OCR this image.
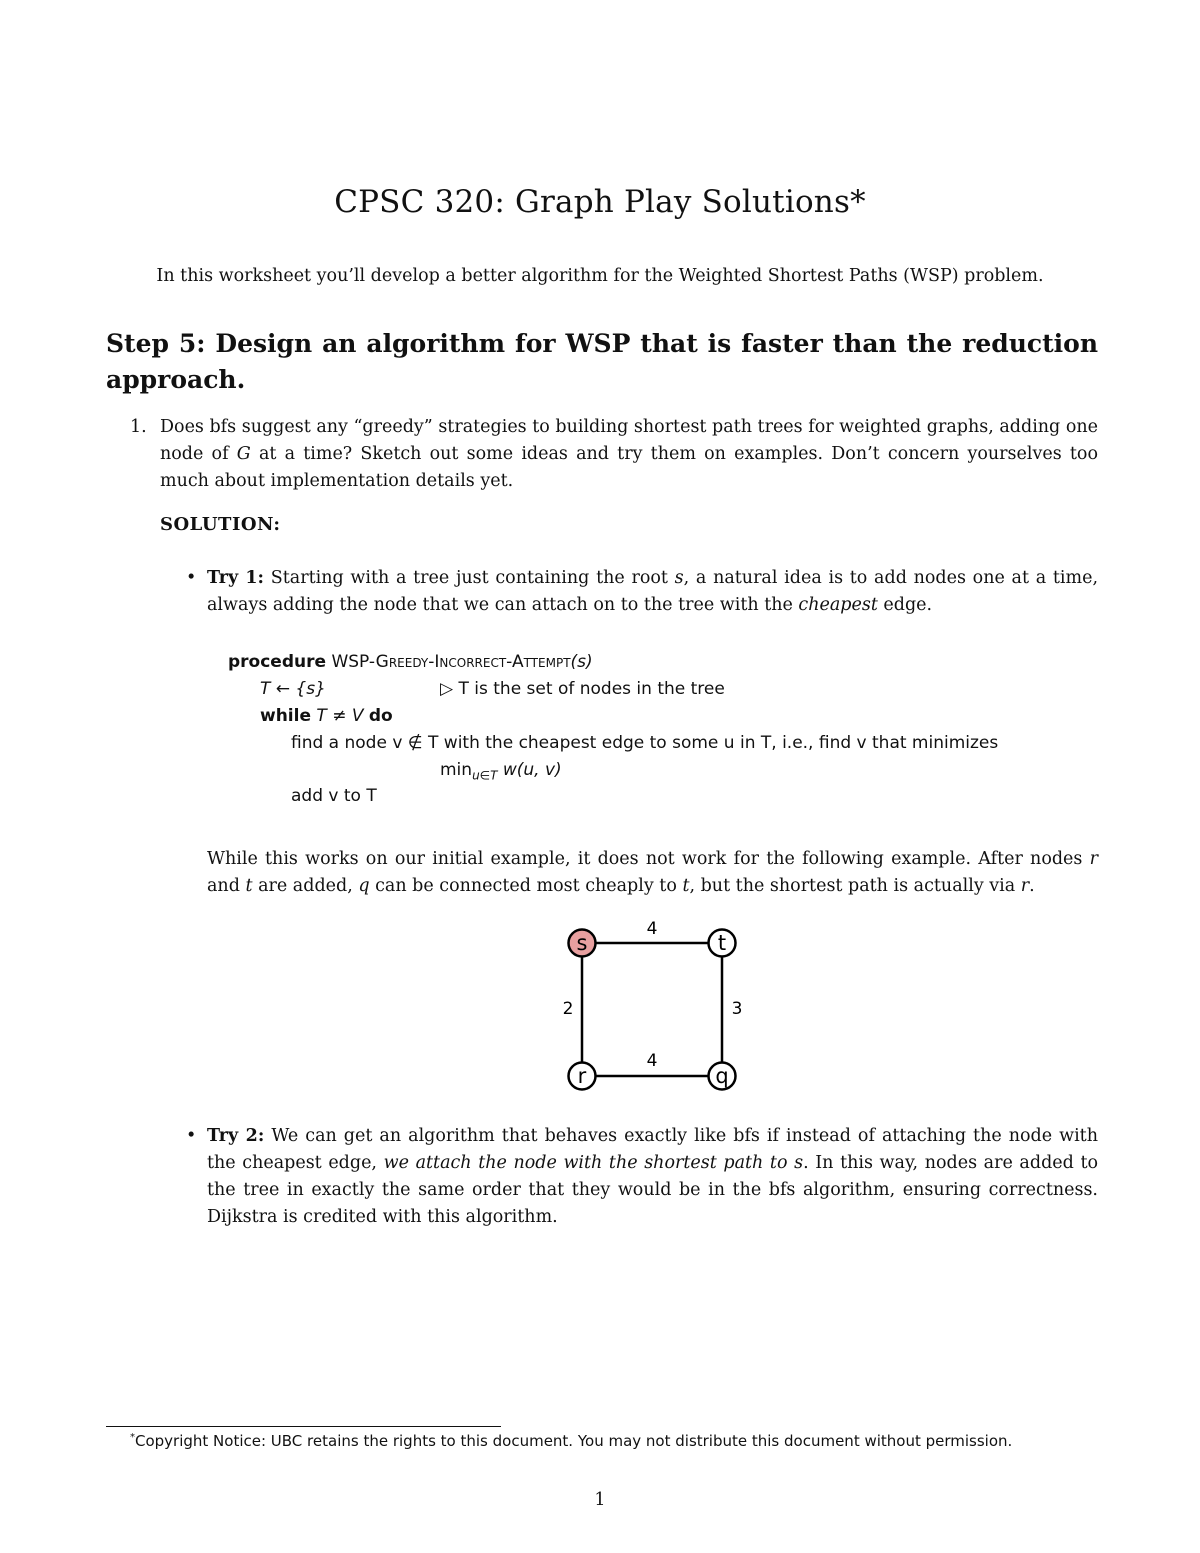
CPSC 320: Graph Play Solutions*
In this worksheet you’ll develop a better algorithm for the Weighted Shortest Paths (WSP) problem.
Step 5: Design an algorithm for WSP that is faster than the reduction approach.
1. Does bfs suggest any “greedy” strategies to building shortest path trees for weighted graphs, adding one node of G at a time? Sketch out some ideas and try them on examples. Don’t concern yourselves too much about implementation details yet.
SOLUTION:
• Try 1: Starting with a tree just containing the root s, a natural idea is to add nodes one at a time, always adding the node that we can attach on to the tree with the cheapest edge.
procedure WSP-Greedy-Incorrect-Attempt(s)
T ← {s}	▷ T is the set of nodes in the tree
while T ≠ V do
find a node v ∉ T with the cheapest edge to some u in T, i.e., find v that minimizes
$\min_{u\in T} w(u$, v)
add v to T
While this works on our initial example, it does not work for the following example. After nodes r and t are added, q can be connected most cheaply to t, but the shortest path is actually via r.
4
2	3
4
s	t
r	q
• Try 2: We can get an algorithm that behaves exactly like bfs if instead of attaching the node with the cheapest edge, we attach the node with the shortest path to s. In this way, nodes are added to the tree in exactly the same order that they would be in the bfs algorithm, ensuring correctness. Dijkstra is credited with this algorithm.
*Copyright Notice: UBC retains the rights to this document. You may not distribute this document without permission.
1
